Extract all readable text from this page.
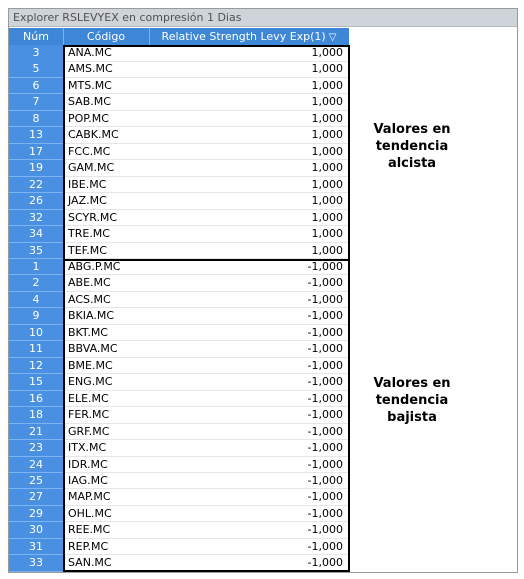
Explorer RSLEVYEX en compresión 1 Dias
Núm	Código	Relative Strength Levy Exp(1) ▽
3	ANA.MC	1,000
5	AMS.MC	1,000
6	MTS.MC	1,000
7	SAB.MC	1,000
8	POP.MC	1,000
13	CABK.MC	1,000
17	FCC.MC	1,000
19	GAM.MC	1,000
22	IBE.MC	1,000
26	JAZ.MC	1,000
32	SCYR.MC	1,000
34	TRE.MC	1,000
35	TEF.MC	1,000
1	ABG.P.MC	-1,000
2	ABE.MC	-1,000
4	ACS.MC	-1,000
9	BKIA.MC	-1,000
10	BKT.MC	-1,000
11	BBVA.MC	-1,000
12	BME.MC	-1,000
15	ENG.MC	-1,000
16	ELE.MC	-1,000
18	FER.MC	-1,000
21	GRF.MC	-1,000
23	ITX.MC	-1,000
24	IDR.MC	-1,000
25	IAG.MC	-1,000
27	MAP.MC	-1,000
29	OHL.MC	-1,000
30	REE.MC	-1,000
31	REP.MC	-1,000
33	SAN.MC	-1,000
Valores en
tendencia
alcista
Valores en
tendencia
bajista
